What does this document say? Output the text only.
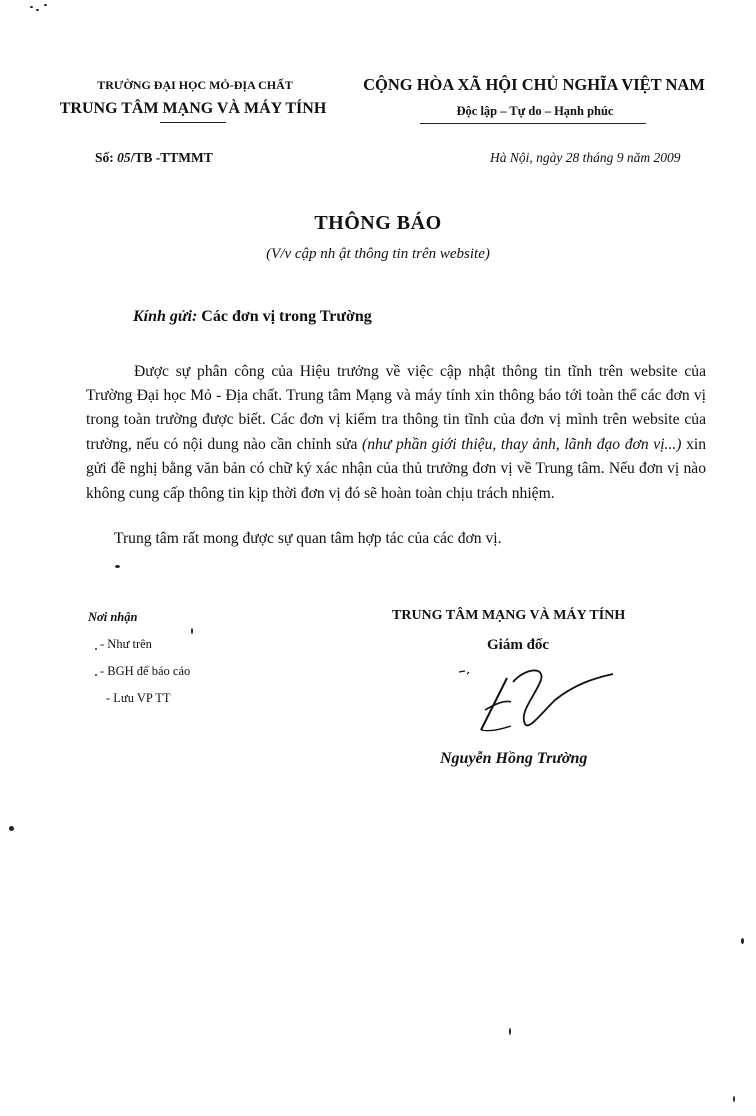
TRƯỜNG ĐẠI HỌC MỎ-ĐỊA CHẤT
TRUNG TÂM MẠNG VÀ MÁY TÍNH
CỘNG HÒA XÃ HỘI CHỦ NGHĨA VIỆT NAM
Độc lập – Tự do – Hạnh phúc
Số: 05/TB -TTMMT	Hà Nội, ngày 28 tháng 9 năm 2009
THÔNG BÁO
(V/v cập nh ật thông tin trên website)
Kính gửi: Các đơn vị trong Trường

Được sự phân công của Hiệu trưởng về việc cập nhật thông tin tĩnh trên website của Trường Đại học Mỏ - Địa chất. Trung tâm Mạng và máy tính xin thông báo tới toàn thể các đơn vị trong toàn trường được biết. Các đơn vị kiểm tra thông tin tĩnh của đơn vị mình trên website của trường, nếu có nội dung nào cần chỉnh sửa (như phần giới thiệu, thay ảnh, lãnh đạo đơn vị...) xin gửi đề nghị bằng văn bản có chữ ký xác nhận của thủ trưởng đơn vị về Trung tâm. Nếu đơn vị nào không cung cấp thông tin kịp thời đơn vị đó sẽ hoàn toàn chịu trách nhiệm.

Trung tâm rất mong được sự quan tâm hợp tác của các đơn vị.
Nơi nhận
- Như trên
- BGH để báo cáo
- Lưu VP TT
TRUNG TÂM MẠNG VÀ MÁY TÍNH
Giám đốc
Nguyễn Hồng Trường
